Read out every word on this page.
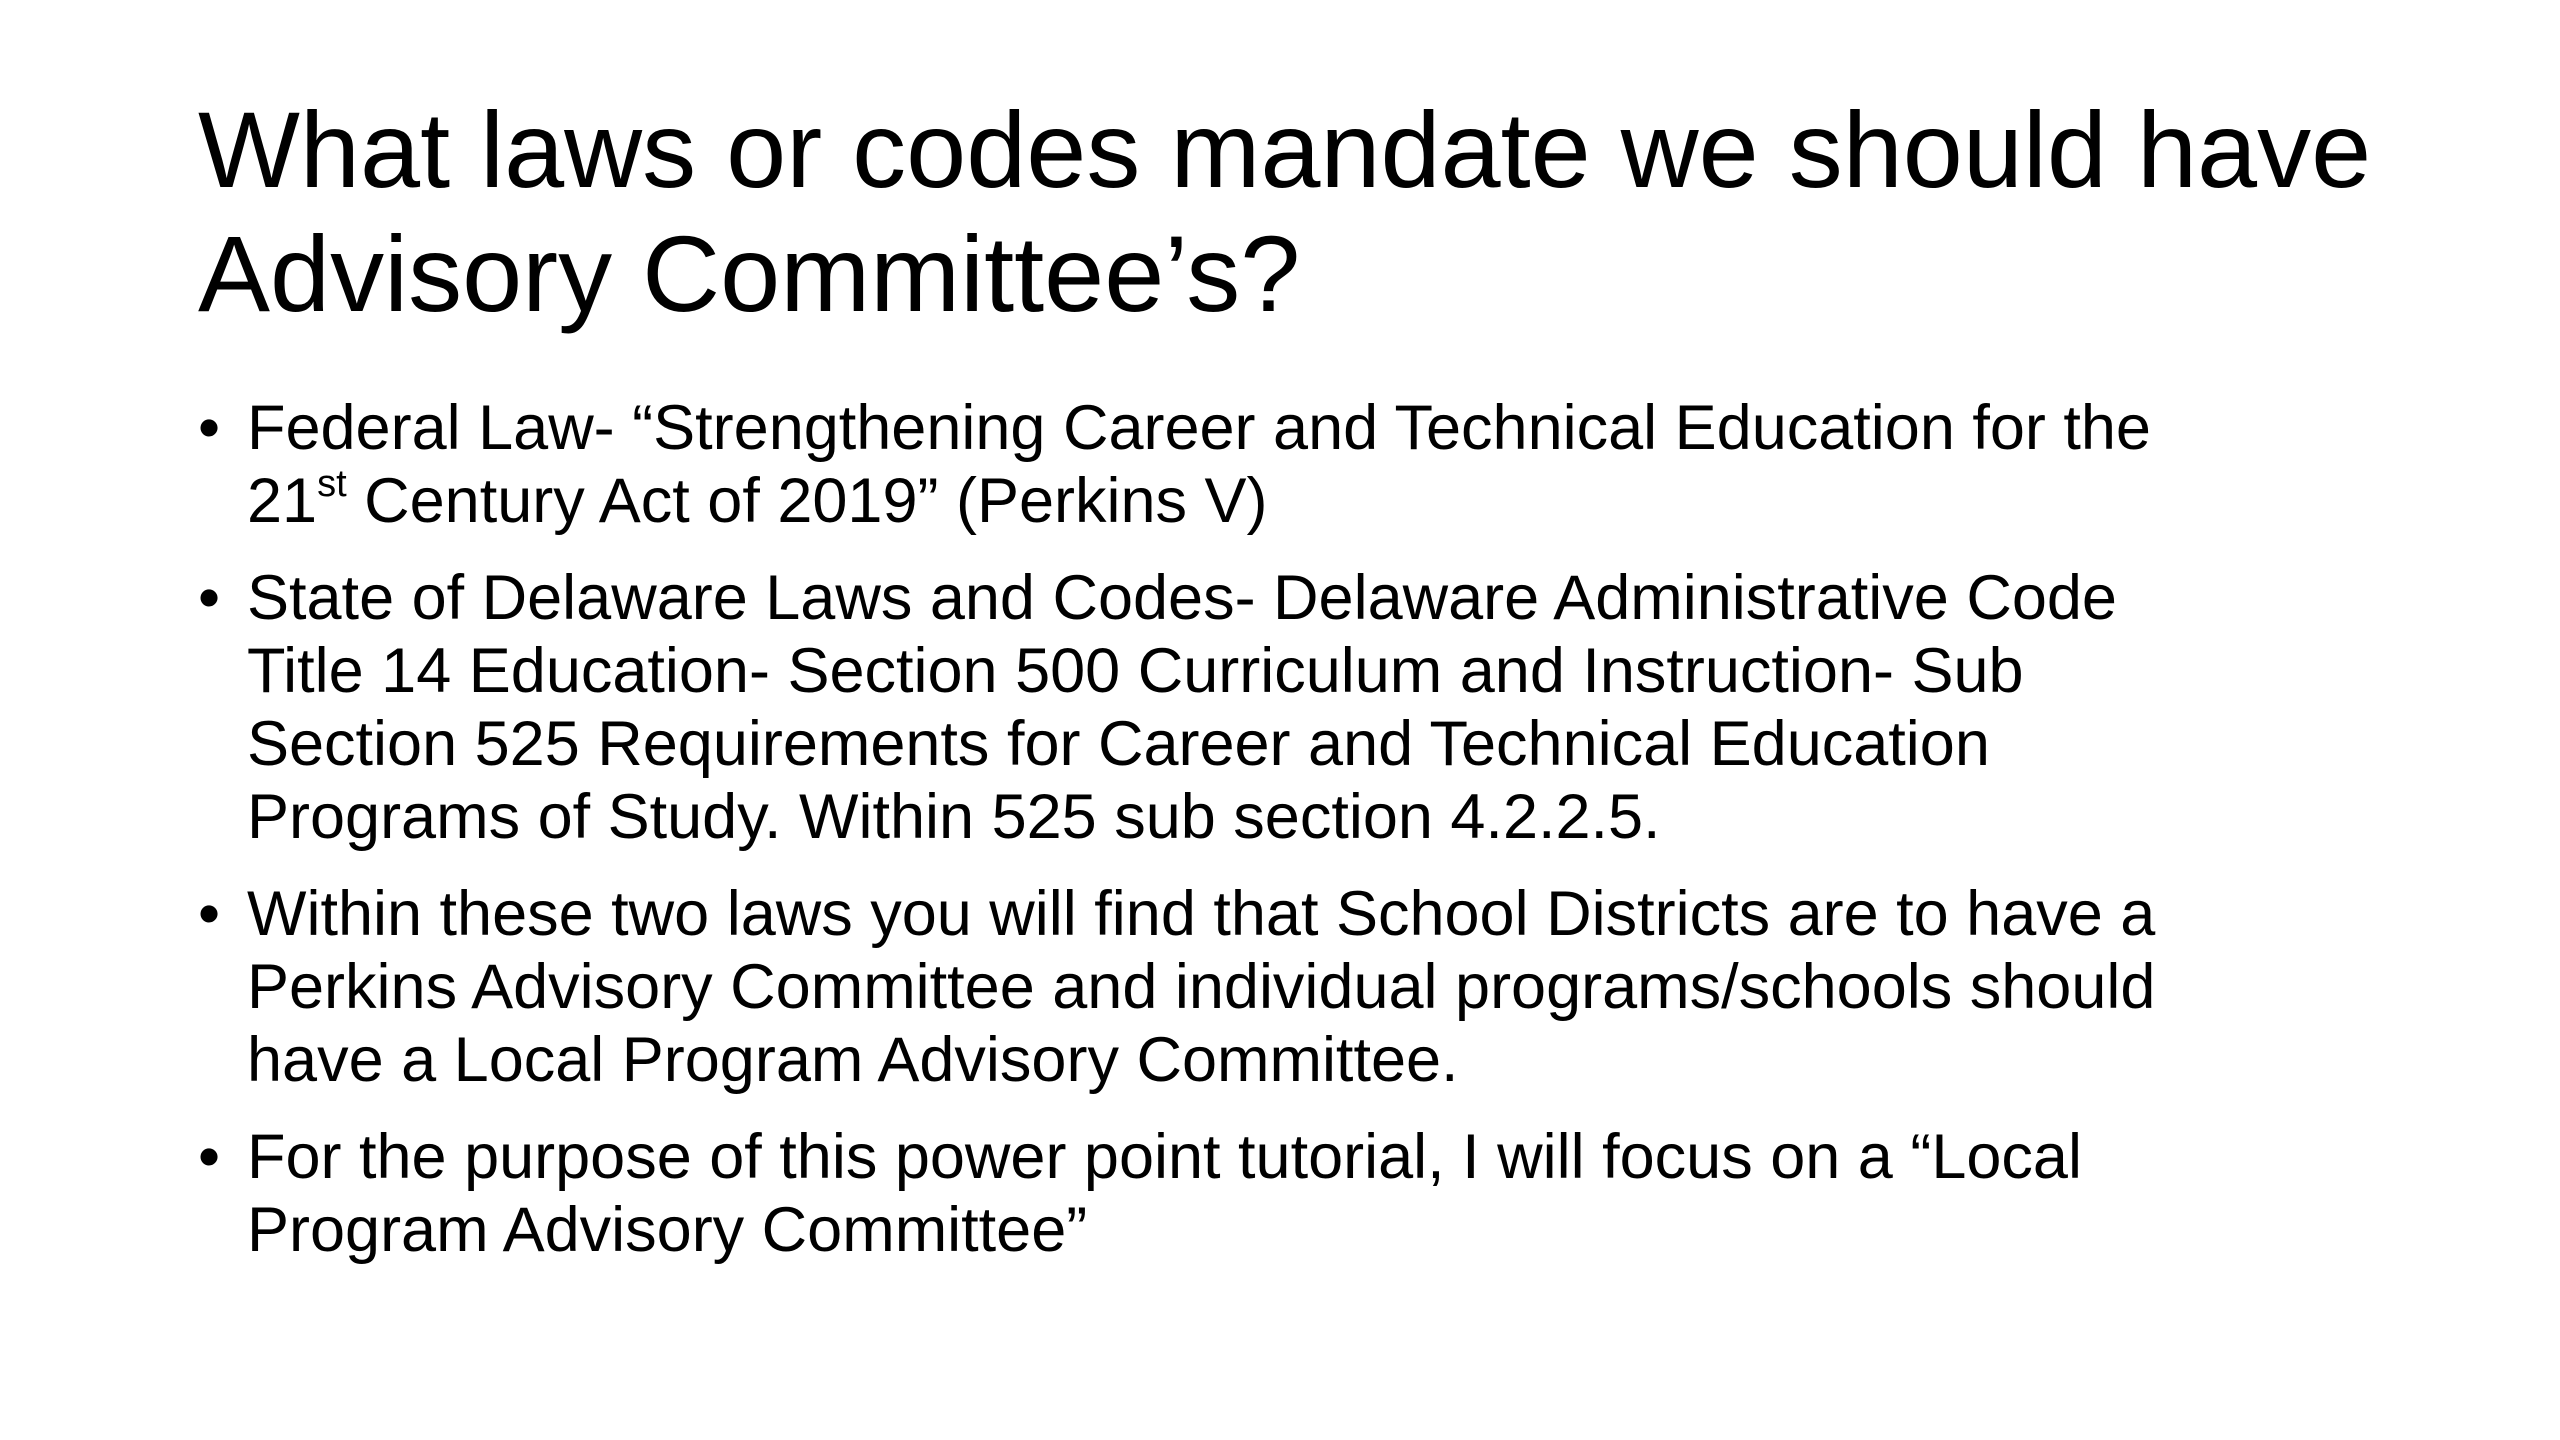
What laws or codes mandate we should have
Advisory Committee’s?
• Federal Law- “Strengthening Career and Technical Education for the
21st Century Act of 2019” (Perkins V)
• State of Delaware Laws and Codes- Delaware Administrative Code
Title 14 Education- Section 500 Curriculum and Instruction- Sub
Section 525 Requirements for Career and Technical Education
Programs of Study. Within 525 sub section 4.2.2.5.
• Within these two laws you will find that School Districts are to have a
Perkins Advisory Committee and individual programs/schools should
have a Local Program Advisory Committee.
• For the purpose of this power point tutorial, I will focus on a “Local
Program Advisory Committee”
